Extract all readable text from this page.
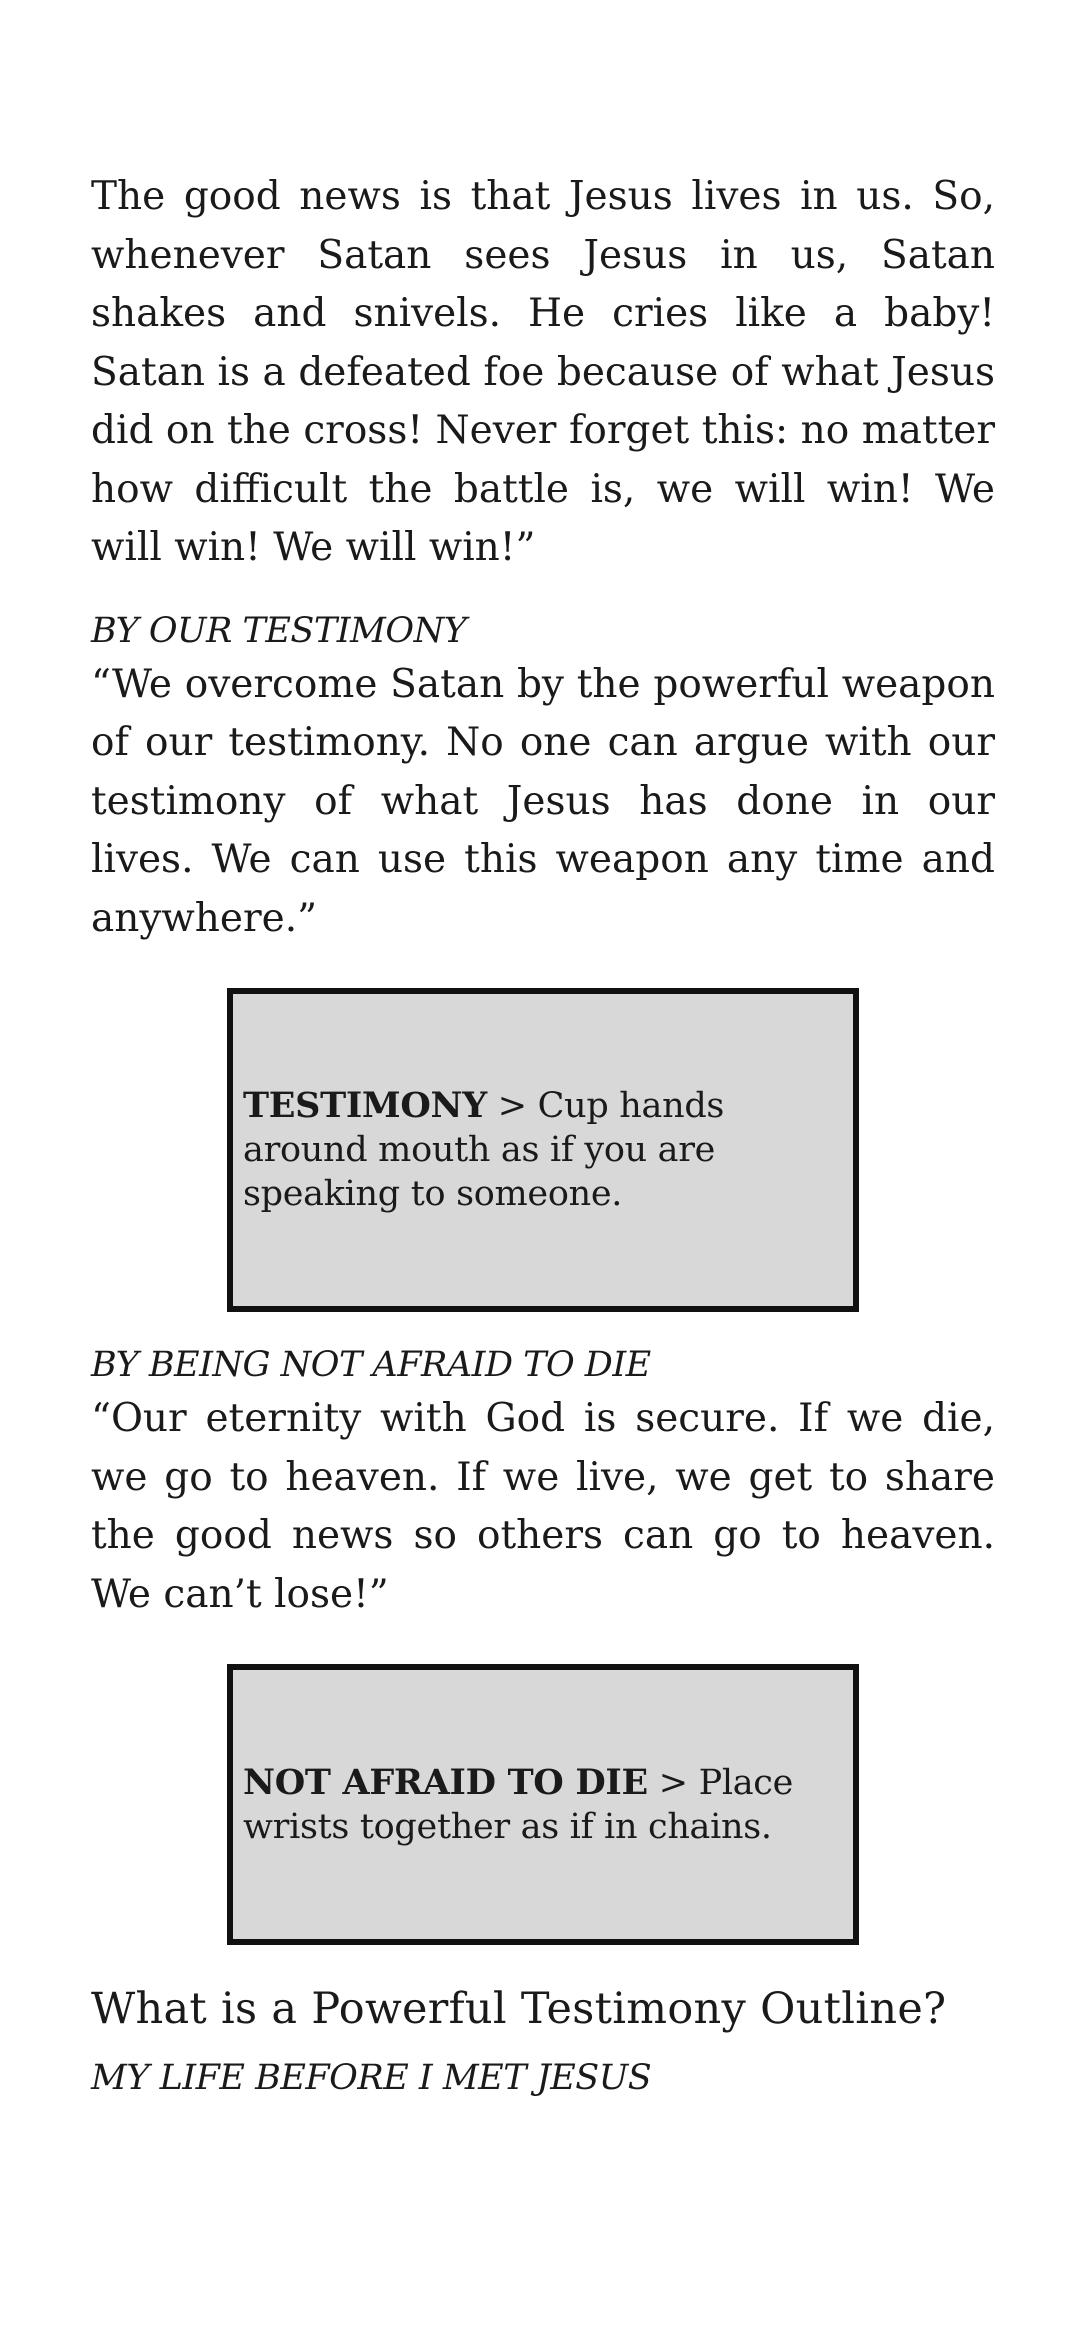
The good news is that Jesus lives in us. So, whenever Satan sees Jesus in us, Satan shakes and snivels. He cries like a baby! Satan is a defeated foe because of what Jesus did on the cross! Never forget this: no matter how difficult the battle is, we will win! We will win! We will win!”

BY OUR TESTIMONY

“We overcome Satan by the powerful weapon of our testimony. No one can argue with our testimony of what Jesus has done in our lives. We can use this weapon any time and anywhere.”

TESTIMONY > Cup hands around mouth as if you are speaking to someone.

BY BEING NOT AFRAID TO DIE

“Our eternity with God is secure. If we die, we go to heaven. If we live, we get to share the good news so others can go to heaven. We can’t lose!”

NOT AFRAID TO DIE > Place wrists together as if in chains.
What is a Powerful Testimony Outline?

MY LIFE BEFORE I MET JESUS
